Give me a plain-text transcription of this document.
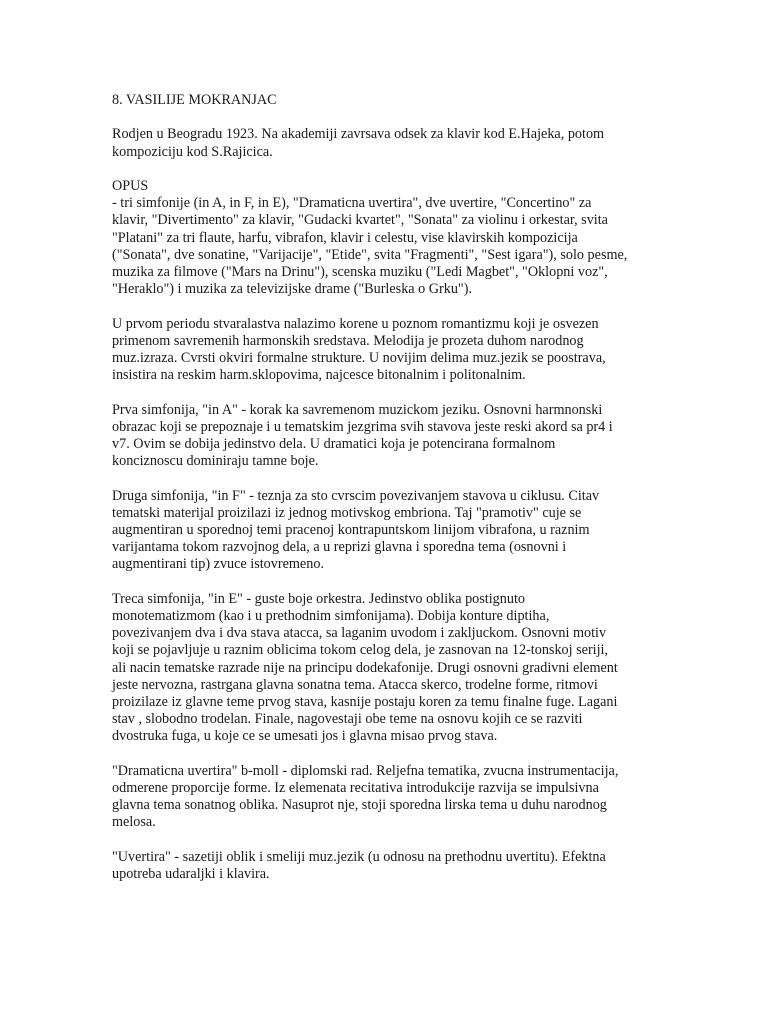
8. VASILIJE MOKRANJAC

Rodjen u Beogradu 1923. Na akademiji zavrsava odsek za klavir kod E.Hajeka, potom
kompoziciju kod S.Rajicica.

OPUS
- tri simfonije (in A, in F, in E), "Dramaticna uvertira", dve uvertire, "Concertino" za
klavir, "Divertimento" za klavir, "Gudacki kvartet", "Sonata" za violinu i orkestar, svita
"Platani" za tri flaute, harfu, vibrafon, klavir i celestu, vise klavirskih kompozicija
("Sonata", dve sonatine, "Varijacije", "Etide", svita "Fragmenti", "Sest igara"), solo pesme,
muzika za filmove ("Mars na Drinu"), scenska muziku ("Ledi Magbet", "Oklopni voz",
"Heraklo") i muzika za televizijske drame ("Burleska o Grku").

U prvom periodu stvaralastva nalazimo korene u poznom romantizmu koji je osvezen
primenom savremenih harmonskih sredstava. Melodija je prozeta duhom narodnog
muz.izraza. Cvrsti okviri formalne strukture. U novijim delima muz.jezik se poostrava,
insistira na reskim harm.sklopovima, najcesce bitonalnim i politonalnim.

Prva simfonija, "in A" - korak ka savremenom muzickom jeziku. Osnovni harmnonski
obrazac koji se prepoznaje i u tematskim jezgrima svih stavova jeste reski akord sa pr4 i
v7. Ovim se dobija jedinstvo dela. U dramatici koja je potencirana formalnom
konciznoscu dominiraju tamne boje.

Druga simfonija, "in F" - teznja za sto cvrscim povezivanjem stavova u ciklusu. Citav
tematski materijal proizilazi iz jednog motivskog embriona. Taj "pramotiv" cuje se
augmentiran u sporednoj temi pracenoj kontrapuntskom linijom vibrafona, u raznim
varijantama tokom razvojnog dela, a u reprizi glavna i sporedna tema (osnovni i
augmentirani tip) zvuce istovremeno.

Treca simfonija, "in E" - guste boje orkestra. Jedinstvo oblika postignuto
monotematizmom (kao i u prethodnim simfonijama). Dobija konture diptiha,
povezivanjem dva i dva stava atacca, sa laganim uvodom i zakljuckom. Osnovni motiv
koji se pojavljuje u raznim oblicima tokom celog dela, je zasnovan na 12-tonskoj seriji,
ali nacin tematske razrade nije na principu dodekafonije. Drugi osnovni gradivni element
jeste nervozna, rastrgana glavna sonatna tema. Atacca skerco, trodelne forme, ritmovi
proizilaze iz glavne teme prvog stava, kasnije postaju koren za temu finalne fuge. Lagani
stav , slobodno trodelan. Finale, nagovestaji obe teme na osnovu kojih ce se razviti
dvostruka fuga, u koje ce se umesati jos i glavna misao prvog stava.

"Dramaticna uvertira" b-moll - diplomski rad. Reljefna tematika, zvucna instrumentacija,
odmerene proporcije forme. Iz elemenata recitativa introdukcije razvija se impulsivna
glavna tema sonatnog oblika. Nasuprot nje, stoji sporedna lirska tema u duhu narodnog
melosa.

"Uvertira" - sazetiji oblik i smeliji muz.jezik (u odnosu na prethodnu uvertitu). Efektna
upotreba udaraljki i klavira.
